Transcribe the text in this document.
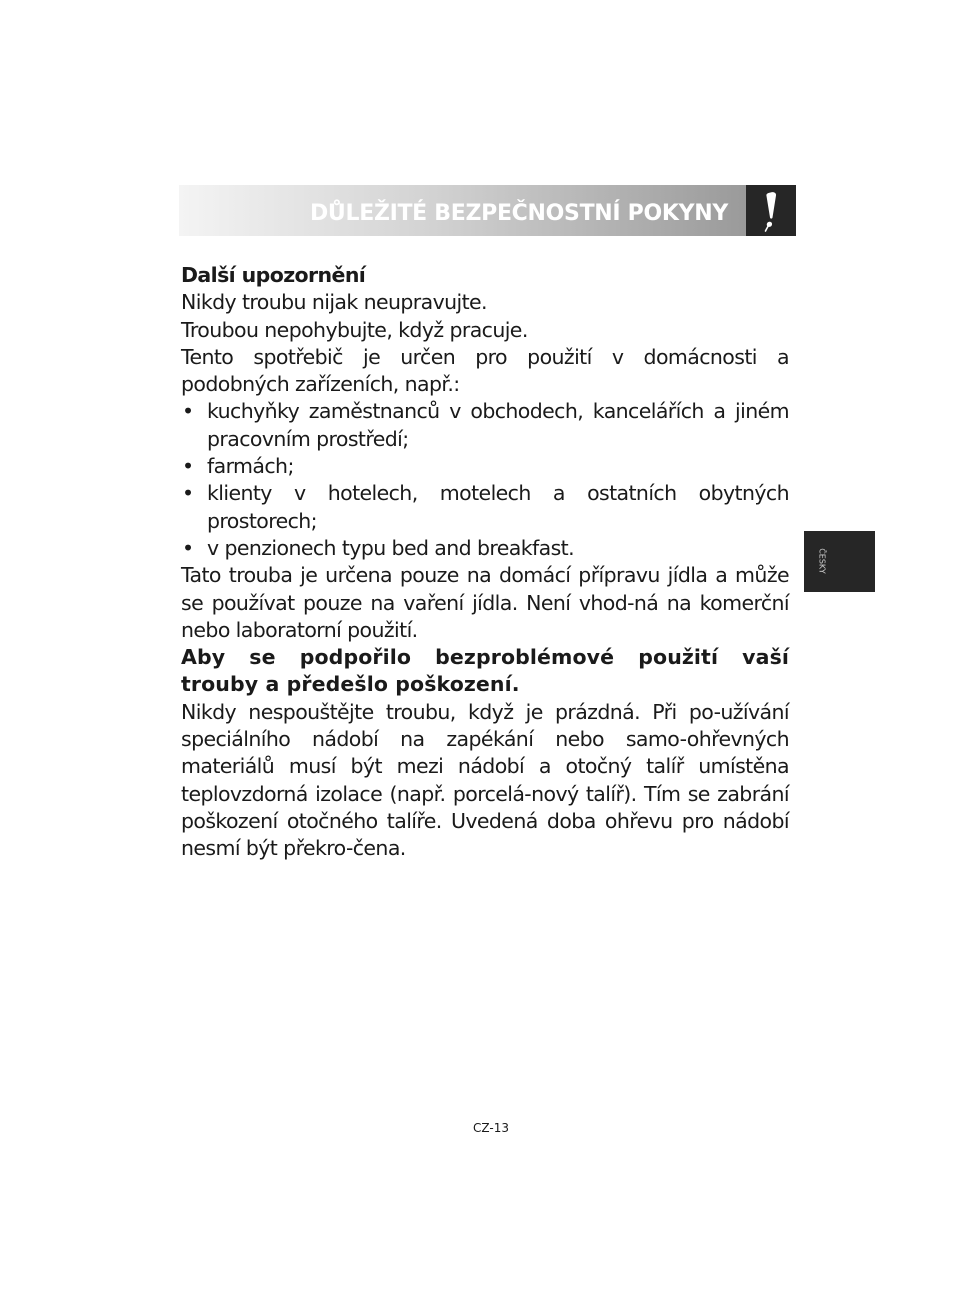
DŮLEŽITÉ BEZPEČNOSTNÍ POKYNY

Další upozornění

Nikdy troubu nijak neupravujte.

Troubou nepohybujte, když pracuje.

Tento spotřebič je určen pro použití v domácnosti a podobných zařízeních, např.:

• kuchyňky zaměstnanců v obchodech, kancelářích a jiném pracovním prostředí;
• farmách;
• klienty v hotelech, motelech a ostatních obytných prostorech;
• v penzionech typu bed and breakfast.

Tato trouba je určena pouze na domácí přípravu jídla a může se používat pouze na vaření jídla. Není vhod-ná na komerční nebo laboratorní použití.

Aby se podpořilo bezproblémové použití vaší trouby a předešlo poškození.

Nikdy nespouštějte troubu, když je prázdná. Při po-užívání speciálního nádobí na zapékání nebo samo-ohřevných materiálů musí být mezi nádobí a otočný talíř umístěna teplovzdorná izolace (např. porcelá-nový talíř). Tím se zabrání poškození otočného talíře. Uvedená doba ohřevu pro nádobí nesmí být překro-čena.

ČESKY
CZ-13
